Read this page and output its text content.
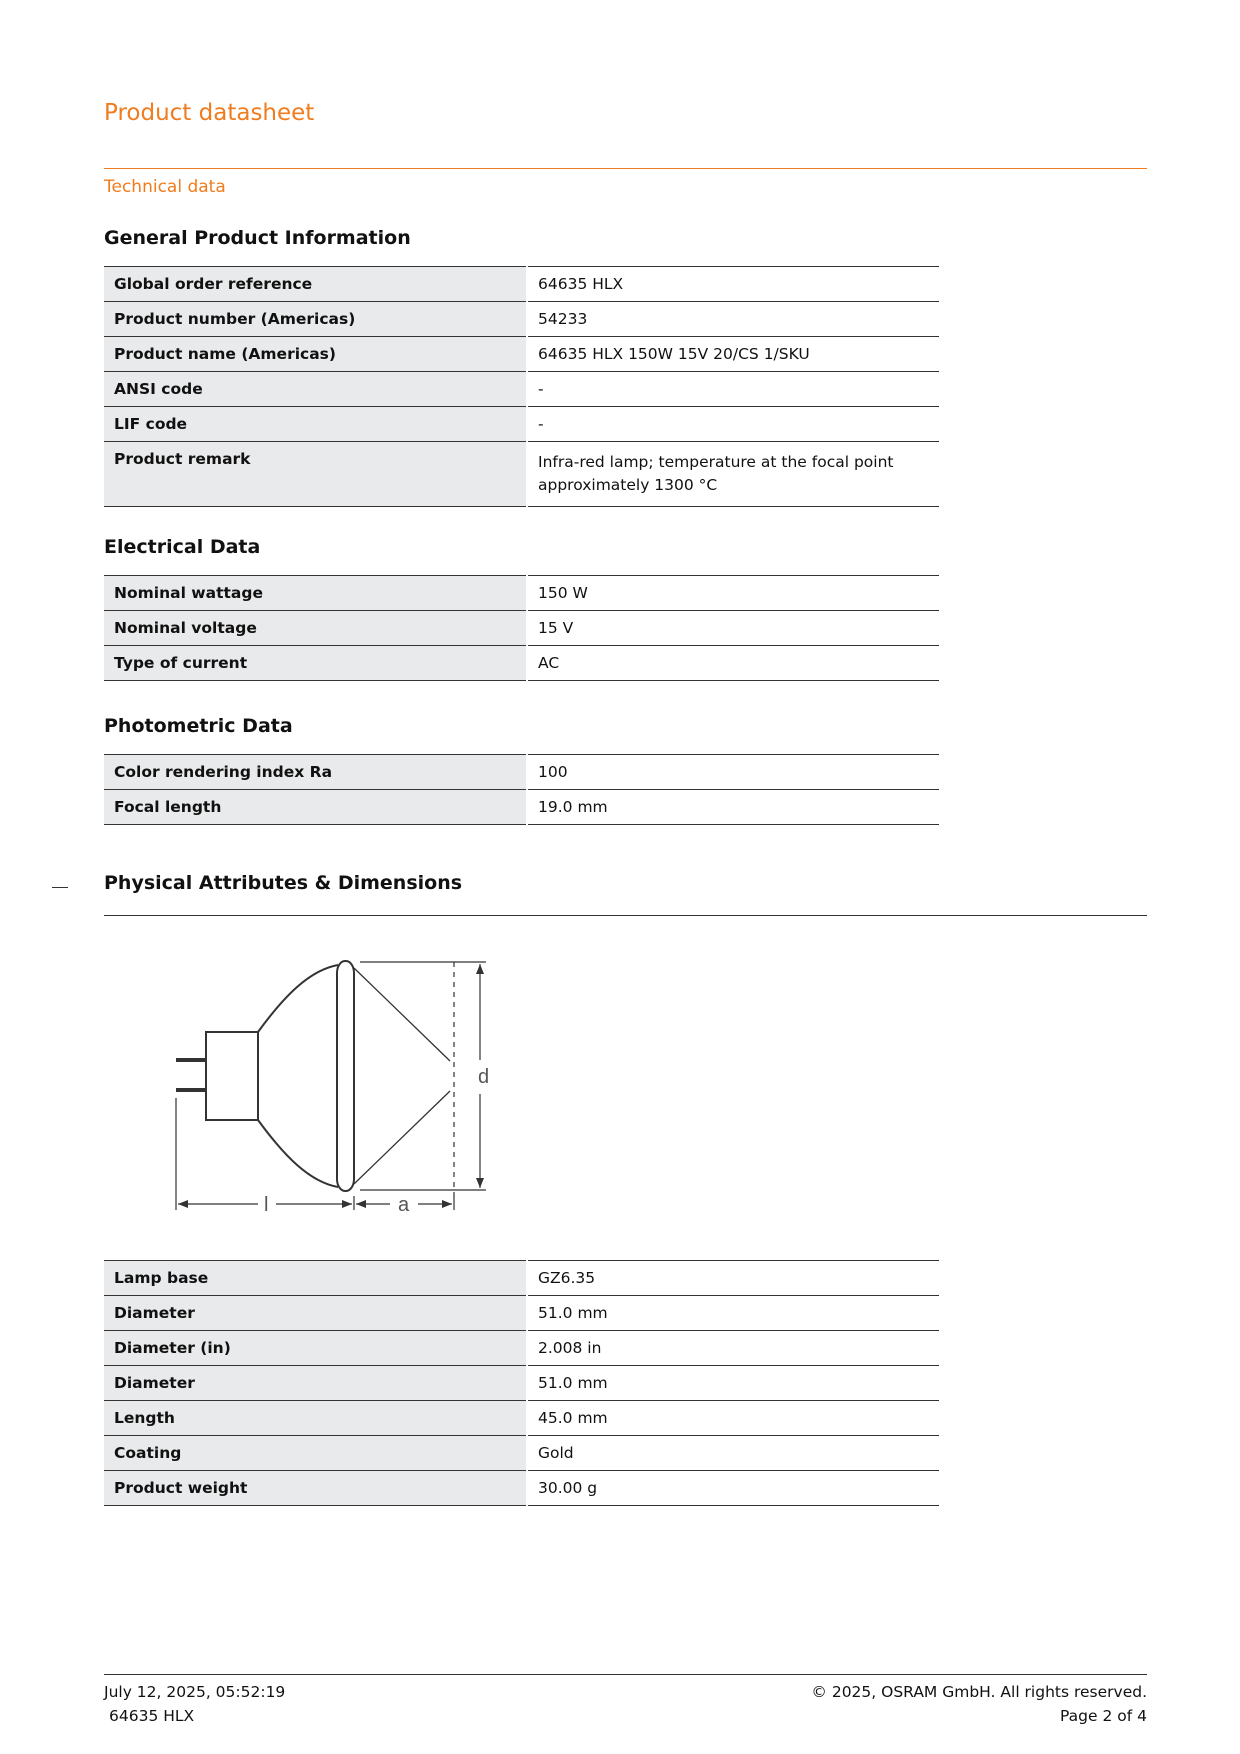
Product datasheet
Technical data
General Product Information
Global order reference	64635 HLX
Product number (Americas)	54233
Product name (Americas)	64635 HLX 150W 15V 20/CS 1/SKU
ANSI code	-
LIF code	-
Product remark	Infra-red lamp; temperature at the focal point
approximately 1300 °C
Electrical Data
Nominal wattage	150 W
Nominal voltage	15 V
Type of current	AC
Photometric Data
Color rendering index Ra	100
Focal length	19.0 mm
Physical Attributes & Dimensions
d
l	a
Lamp base	GZ6.35
Diameter	51.0 mm
Diameter (in)	2.008 in
Diameter	51.0 mm
Length	45.0 mm
Coating	Gold
Product weight	30.00 g
July 12, 2025, 05:52:19
64635 HLX
© 2025, OSRAM GmbH. All rights reserved.
Page 2 of 4
